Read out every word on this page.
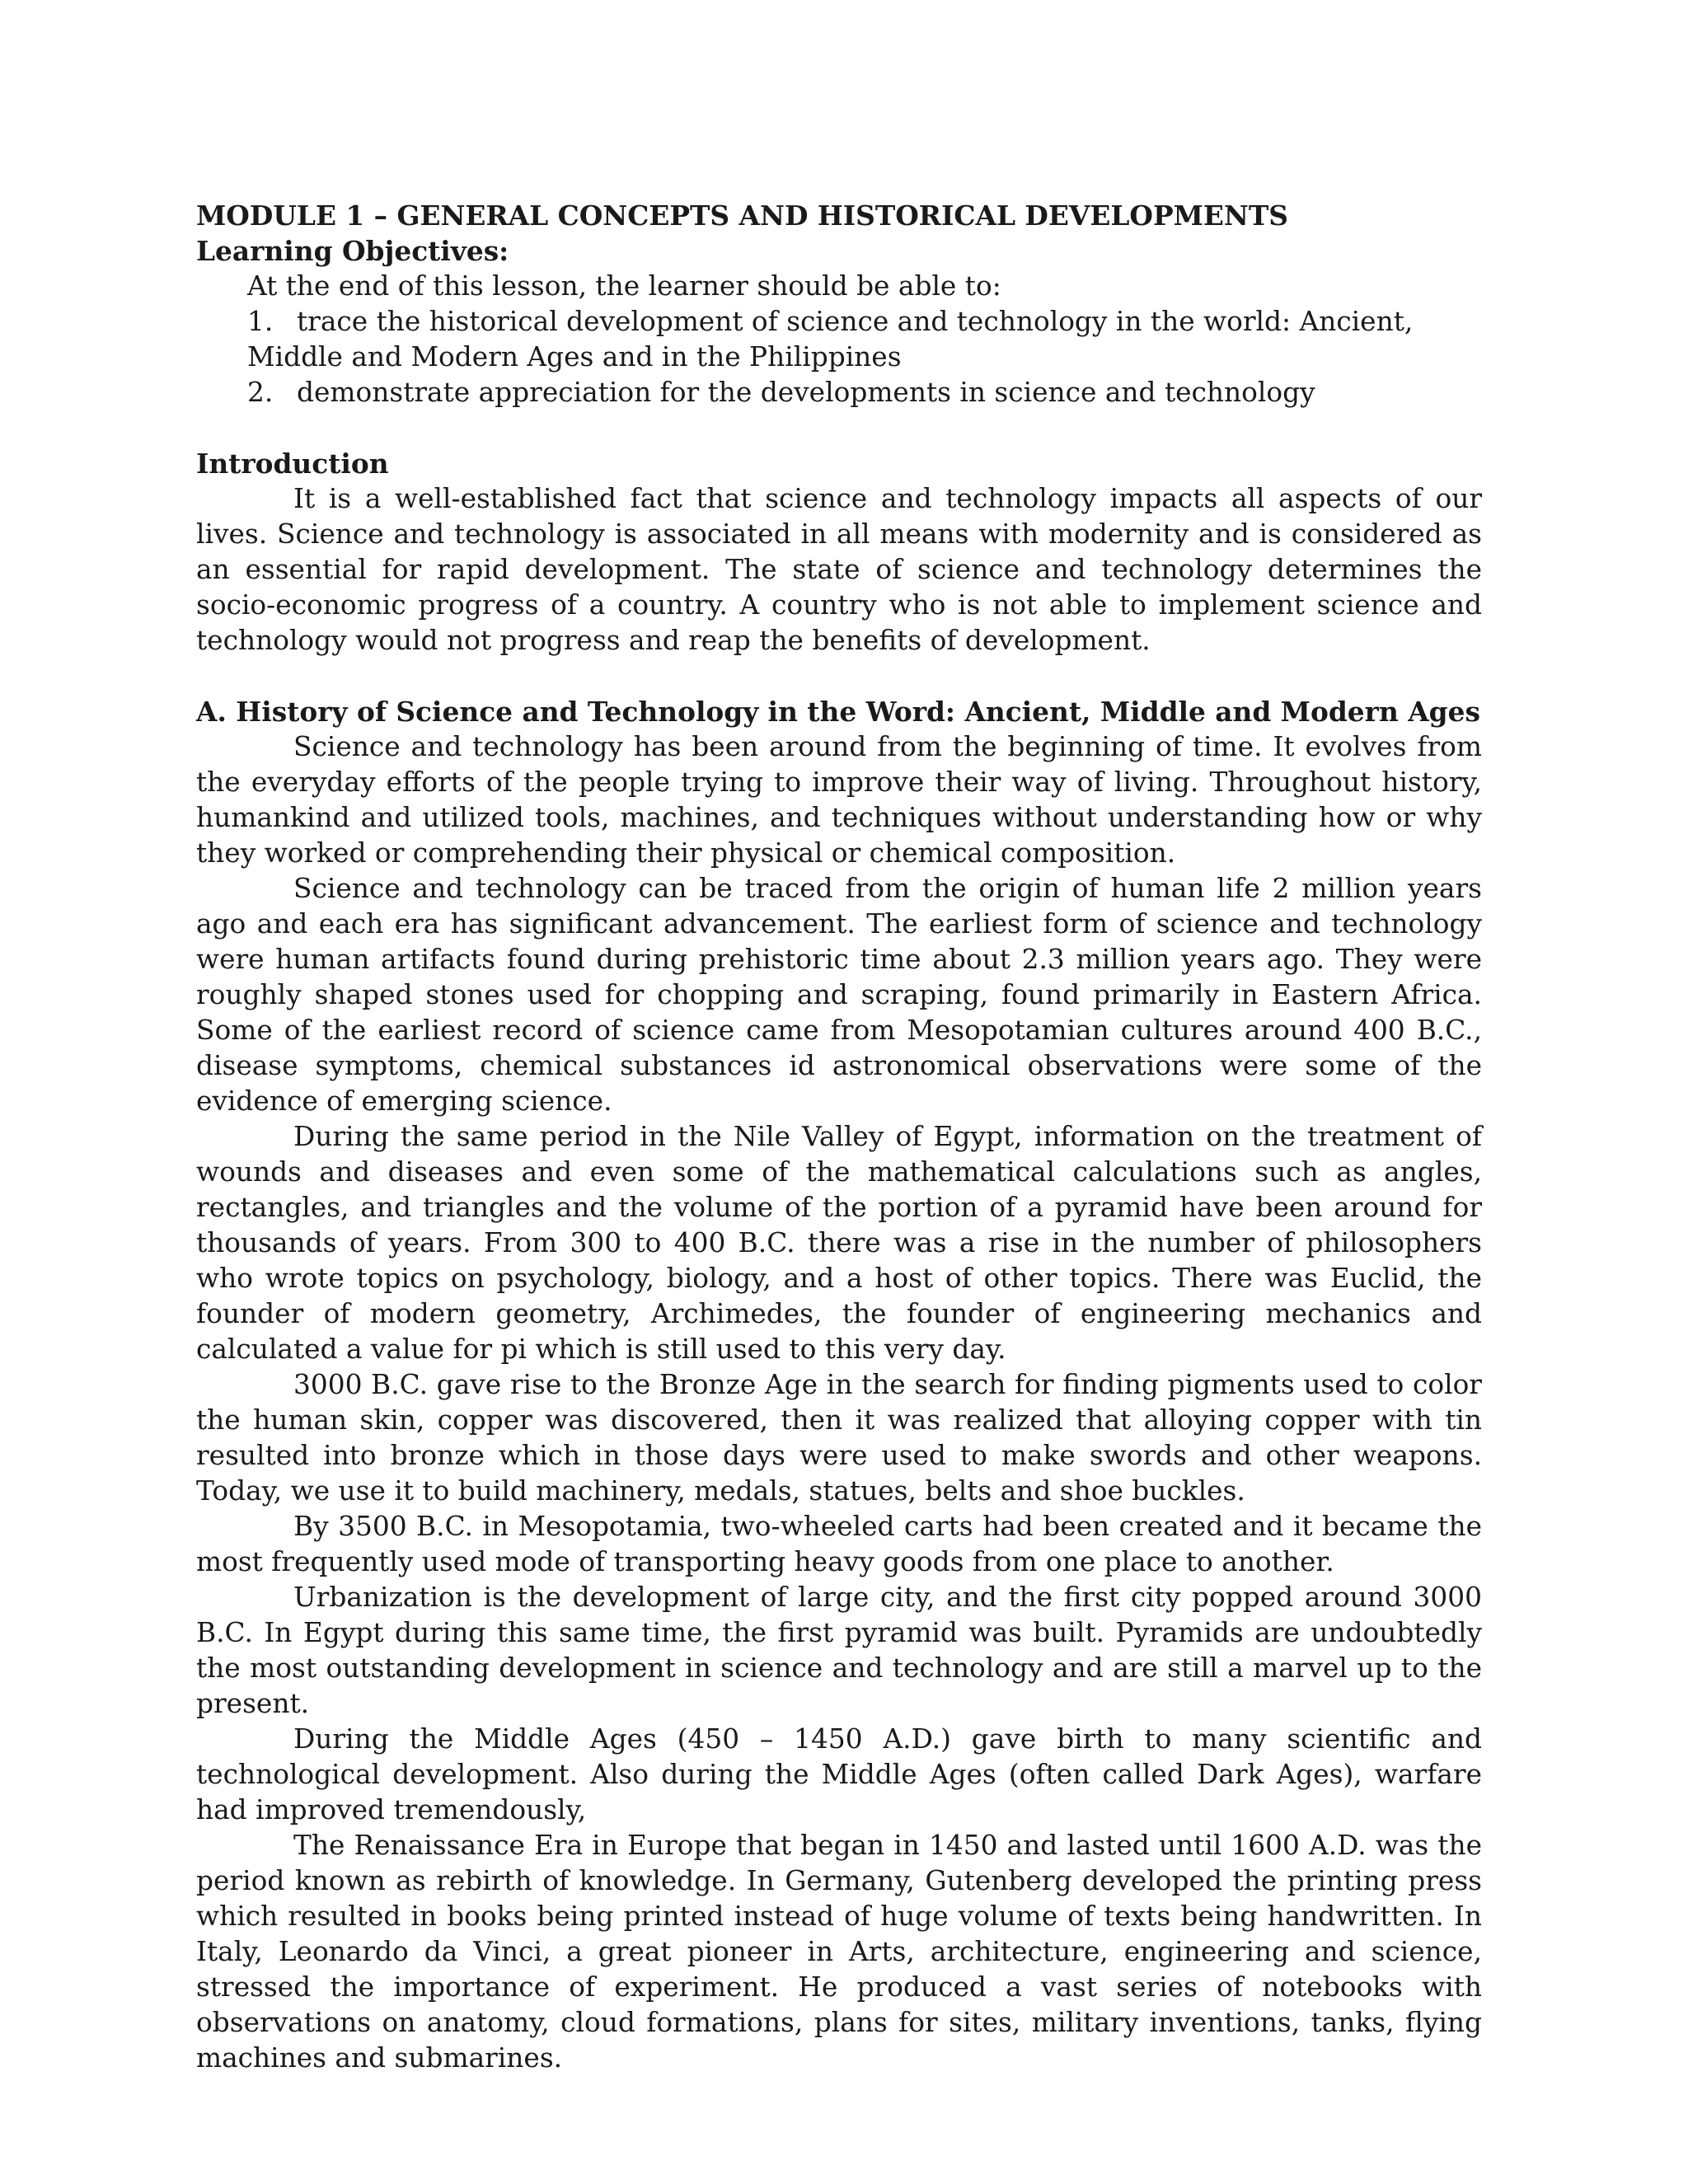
MODULE 1 – GENERAL CONCEPTS AND HISTORICAL DEVELOPMENTS

Learning Objectives:

At the end of this lesson, the learner should be able to:

1. trace the historical development of science and technology in the world: Ancient, Middle and Modern Ages and in the Philippines
2. demonstrate appreciation for the developments in science and technology

Introduction

It is a well-established fact that science and technology impacts all aspects of our lives. Science and technology is associated in all means with modernity and is considered as an essential for rapid development. The state of science and technology determines the socio-economic progress of a country. A country who is not able to implement science and technology would not progress and reap the benefits of development.

A. History of Science and Technology in the Word: Ancient, Middle and Modern Ages

Science and technology has been around from the beginning of time. It evolves from the everyday efforts of the people trying to improve their way of living. Throughout history, humankind and utilized tools, machines, and techniques without understanding how or why they worked or comprehending their physical or chemical composition.

Science and technology can be traced from the origin of human life 2 million years ago and each era has significant advancement. The earliest form of science and technology were human artifacts found during prehistoric time about 2.3 million years ago. They were roughly shaped stones used for chopping and scraping, found primarily in Eastern Africa. Some of the earliest record of science came from Mesopotamian cultures around 400 B.C., disease symptoms, chemical substances id astronomical observations were some of the evidence of emerging science.

During the same period in the Nile Valley of Egypt, information on the treatment of wounds and diseases and even some of the mathematical calculations such as angles, rectangles, and triangles and the volume of the portion of a pyramid have been around for thousands of years. From 300 to 400 B.C. there was a rise in the number of philosophers who wrote topics on psychology, biology, and a host of other topics. There was Euclid, the founder of modern geometry, Archimedes, the founder of engineering mechanics and calculated a value for pi which is still used to this very day.

3000 B.C. gave rise to the Bronze Age in the search for finding pigments used to color the human skin, copper was discovered, then it was realized that alloying copper with tin resulted into bronze which in those days were used to make swords and other weapons. Today, we use it to build machinery, medals, statues, belts and shoe buckles.

By 3500 B.C. in Mesopotamia, two-wheeled carts had been created and it became the most frequently used mode of transporting heavy goods from one place to another.

Urbanization is the development of large city, and the first city popped around 3000 B.C. In Egypt during this same time, the first pyramid was built. Pyramids are undoubtedly the most outstanding development in science and technology and are still a marvel up to the present.

During the Middle Ages (450 – 1450 A.D.) gave birth to many scientific and technological development. Also during the Middle Ages (often called Dark Ages), warfare had improved tremendously,

The Renaissance Era in Europe that began in 1450 and lasted until 1600 A.D. was the period known as rebirth of knowledge. In Germany, Gutenberg developed the printing press which resulted in books being printed instead of huge volume of texts being handwritten. In Italy, Leonardo da Vinci, a great pioneer in Arts, architecture, engineering and science, stressed the importance of experiment. He produced a vast series of notebooks with observations on anatomy, cloud formations, plans for sites, military inventions, tanks, flying machines and submarines.
